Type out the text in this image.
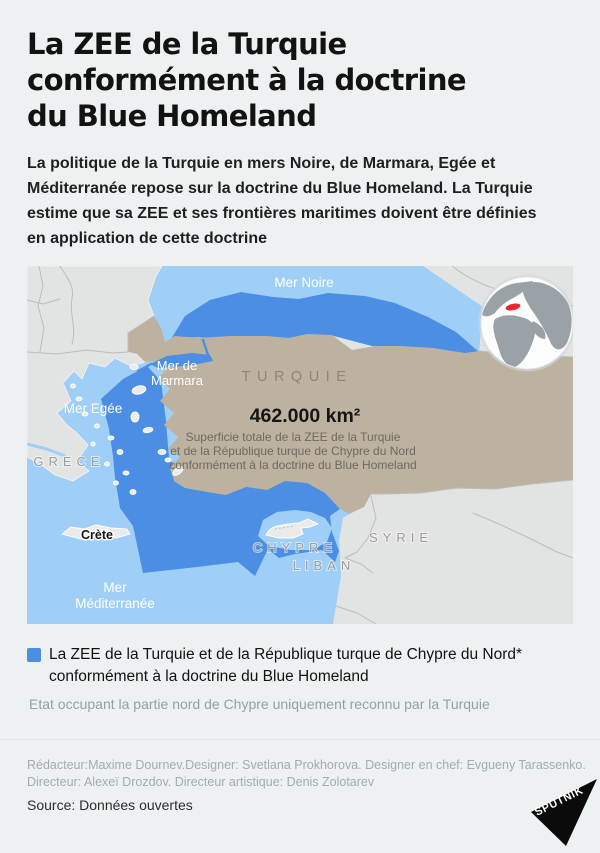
La ZEE de la Turquie
conformément à la doctrine
du Blue Homeland
La politique de la Turquie en mers Noire, de Marmara, Egée et
Méditerranée repose sur la doctrine du Blue Homeland. La Turquie
estime que sa ZEE et ses frontières maritimes doivent être définies
en application de cette doctrine
Mer Noire
Mer de
Marmara
Mer Egée
TURQUIE
462.000 km²
Superficie totale de la ZEE de la Turquie
et de la République turque de Chypre du Nord
conformément à la doctrine du Blue Homeland
GRECE
Crète
CHYPRE
LIBAN
SYRIE
Mer
Méditerranée
La ZEE de la Turquie et de la République turque de Chypre du Nord*
conformément à la doctrine du Blue Homeland
Etat occupant la partie nord de Chypre uniquement reconnu par la Turquie
Rédacteur:Maxime Dournev.Designer: Svetlana Prokhorova. Designer en chef: Evgueny Tarassenko.
Directeur: Alexeï Drozdov. Directeur artistique: Denis Zolotarev
Source: Données ouvertes	SPUTNIK
